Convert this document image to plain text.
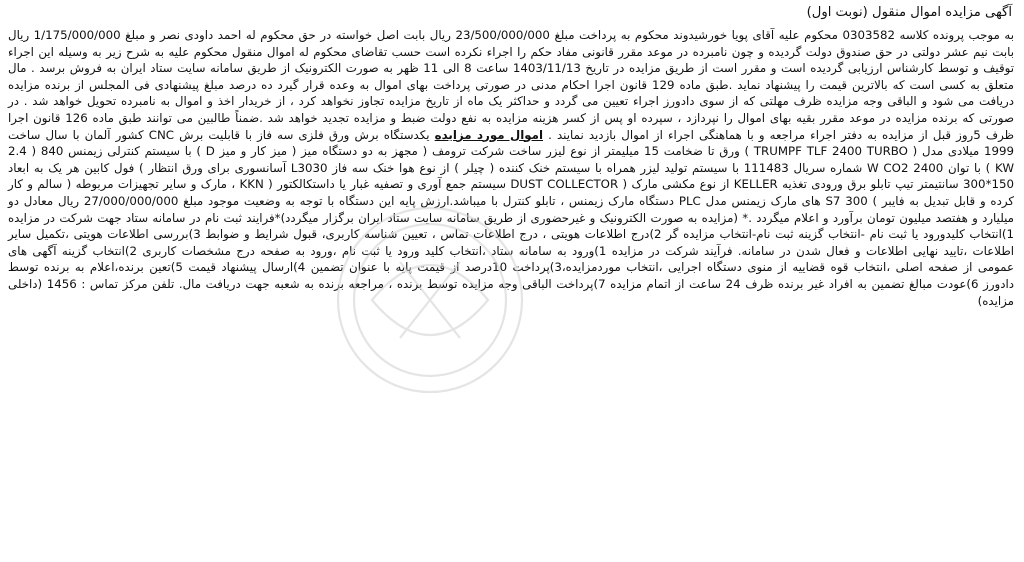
آگهی مزایده اموال منقول (نوبت اول)

به موجب پرونده کلاسه 0303582 محکوم علیه آقای پویا خورشیدوند محکوم به پرداخت مبلغ 23/500/000/000 ریال بابت اصل خواسته در حق محکوم له احمد داودی نصر و مبلغ 1/175/000/000 ریال بابت نیم عشر دولتی در حق صندوق دولت گردیده و چون نامبرده در موعد مقرر قانونی مفاد حکم را اجراء نکرده است حسب تقاضای محکوم له اموال منقول محکوم علیه به شرح زیر به وسیله این اجراء توقیف و توسط کارشناس ارزیابی گردیده است و مقرر است از طریق مزایده در تاریخ 1403/11/13 ساعت 8 الی 11 ظهر به صورت الکترونیک از طریق سامانه سایت ستاد ایران به فروش برسد . مال متعلق به کسی است که بالاترین قیمت را پیشنهاد نماید .طبق ماده 129 قانون اجرا احکام مدنی در صورتی پرداخت بهای اموال به وعده قرار گیرد ده درصد مبلغ پیشنهادی فی المجلس از برنده مزایده دریافت می شود و الباقی وجه مزایده ظرف مهلتی که از سوی دادورز اجراء تعیین می گردد و حداکثر یک ماه از تاریخ مزایده تجاوز نخواهد کرد ، از خریدار اخذ و اموال به نامبرده تحویل خواهد شد . در صورتی که برنده مزایده در موعد مقرر بقیه بهای اموال را نپردازد ، سپرده او پس از کسر هزینه مزایده به نفع دولت ضبط و مزایده تجدید خواهد شد .ضمناً طالبین می توانند طبق ماده 126 قانون اجرا ظرف 5روز قبل از مزایده به دفتر اجراء مراجعه و با هماهنگی اجراء از اموال بازدید نمایند . اموال مورد مزایده یکدستگاه برش ورق فلزی سه فاز با قابلیت برش CNC کشور آلمان با سال ساخت 1999 میلادی مدل ( TRUMPF TLF 2400 TURBO ) ورق تا ضخامت 15 میلیمتر از نوع لیزر ساخت شرکت ترومف ( مجهز به دو دستگاه میز ( میز کار و میز D ) با سیستم کنترلی زیمنس 840 ( 2.4 KW ) با توان 2400 W CO2 شماره سریال 111483 با سیستم تولید لیزر همراه با سیستم خنک کننده ( چیلر ) از نوع هوا خنک سه فاز L3030 آسانسوری برای ورق انتظار ) فول کابین هر یک به ابعاد 150*300 سانتیمتر تیپ تابلو برق ورودی تغذیه KELLER از نوع مکشی مارک ( DUST COLLECTOR سیستم جمع آوری و تصفیه غبار یا داستکالکتور ( KKN ، مارک و سایر تجهیزات مربوطه ( سالم و کار کرده و قابل تبدیل به فایبر ) S7 300 های مارک زیمنس مدل PLC دستگاه مارک زیمنس ، تابلو کنترل با میباشد.ارزش پایه این دستگاه با توجه به وضعیت موجود مبلغ 27/000/000/000 ریال معادل دو میلیارد و هفتصد میلیون تومان برآورد و اعلام میگردد .* (مزایده به صورت الکترونیک و غیرحضوری از طریق سامانه سایت ستاد ایران برگزار میگردد)*فرایند ثبت نام در سامانه ستاد جهت شرکت در مزایده 1)انتخاب کلیدورود یا ثبت نام -انتخاب گزینه ثبت نام-انتخاب مزایده گر 2)درج اطلاعات هویتی ، درج اطلاعات تماس ، تعیین شناسه کاربری، قبول شرایط و ضوابط 3)بررسی اطلاعات هویتی ،تکمیل سایر اطلاعات ،تایید نهایی اطلاعات و فعال شدن در سامانه. فرآیند شرکت در مزایده 1)ورود به سامانه ستاد ،انتخاب کلید ورود یا ثبت نام ،ورود به صفحه درج مشخصات کاربری 2)انتخاب گزینه آگهی های عمومی از صفحه اصلی ،انتخاب قوه قضاییه از منوی دستگاه اجرایی ،انتخاب موردمزایده،3)پرداخت 10درصد از قیمت پایه با عنوان تضمین 4)ارسال پیشنهاد قیمت 5)تعین برنده،اعلام به برنده توسط دادورز 6)عودت مبالغ تضمین به افراد غیر برنده ظرف 24 ساعت از اتمام مزایده 7)پرداخت الباقی وجه مزایده توسط برنده ، مراجعه برنده به شعبه جهت دریافت مال. تلفن مرکز تماس : 1456 (داخلی مزایده)
